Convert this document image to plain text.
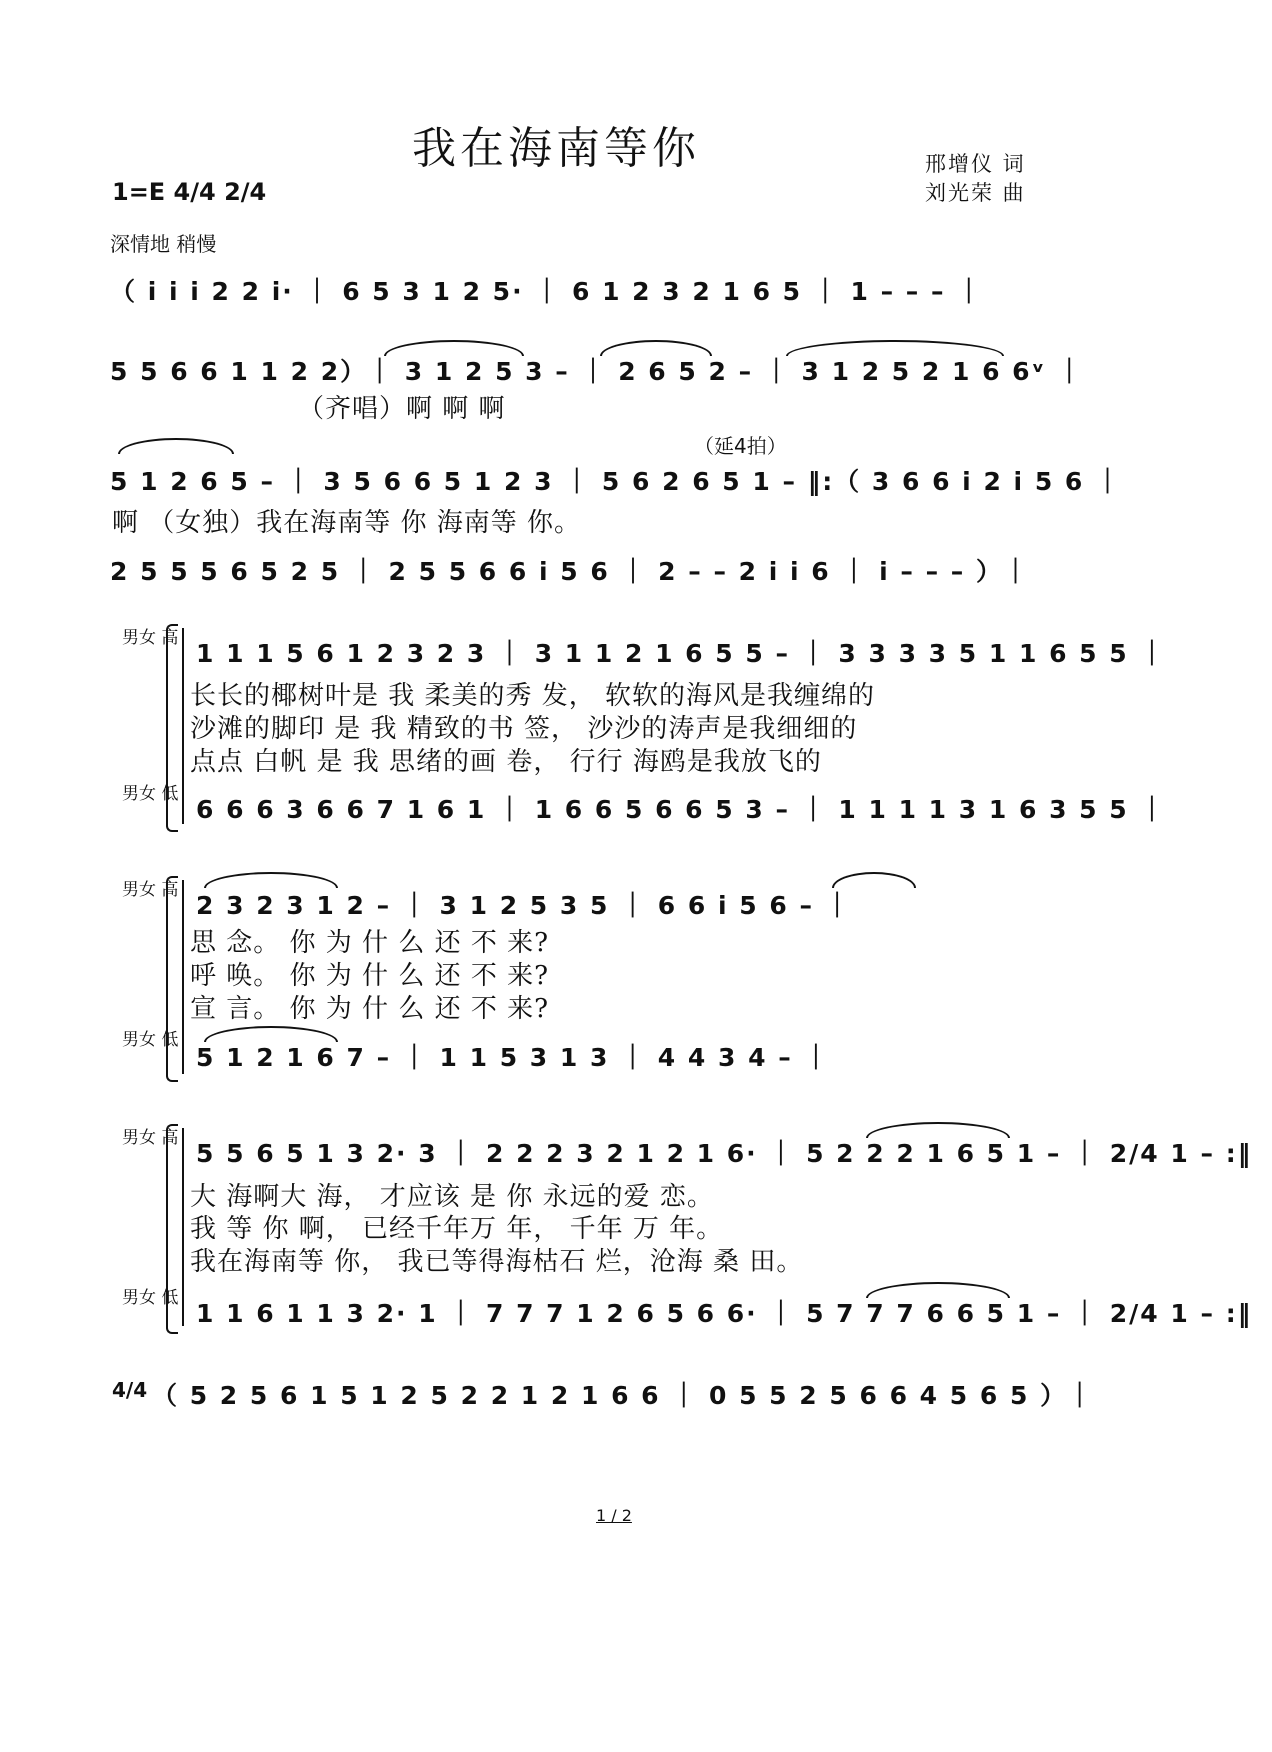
我在海南等你	邢增仪 词
刘光荣 曲
1=E 4/4 2/4
深情地 稍慢
（ i i i 2 2 i· ｜ 6 5 3 1 2 5· ｜ 6 1 2 3 2 1 6 5 ｜ 1 – – – ｜
5 5 6 6 1 1 2 2）｜ 3 1 2 5 3 – ｜ 2 6 5 2 – ｜ 3 1 2 5 2 1 6 6ᵛ ｜
（齐唱）啊 啊 啊
（延4拍）
5 1 2 6 5 – ｜ 3 5 6 6 5 1 2 3 ｜ 5 6 2 6 5 1 – ‖:（ 3 6 6 i 2 i 5 6 ｜
啊 （女独）我在海南等 你 海南等 你。
2 5 5 5 6 5 2 5 ｜ 2 5 5 6 6 i 5 6 ｜ 2 – – 2 i i 6 ｜ i – – – ）｜
男女 高
1 1 1 5 6 1 2 3 2 3 ｜ 3 1 1 2 1 6 5 5 – ｜ 3 3 3 3 5 1 1 6 5 5 ｜
长长的椰树叶是 我 柔美的秀 发， 软软的海风是我缠绵的
沙滩的脚印 是 我 精致的书 签， 沙沙的涛声是我细细的
点点 白帆 是 我 思绪的画 卷， 行行 海鸥是我放飞的
男女 低
6 6 6 3 6 6 7 1 6 1 ｜ 1 6 6 5 6 6 5 3 – ｜ 1 1 1 1 3 1 6 3 5 5 ｜
男女 高
2 3 2 3 1 2 – ｜ 3 1 2 5 3 5 ｜ 6 6 i 5 6 – ｜
思 念。 你 为 什 么 还 不 来?
呼 唤。 你 为 什 么 还 不 来?
宣 言。 你 为 什 么 还 不 来?
男女 低
5 1 2 1 6 7 – ｜ 1 1 5 3 1 3 ｜ 4 4 3 4 – ｜
男女 高
5 5 6 5 1 3 2· 3 ｜ 2 2 2 3 2 1 2 1 6· ｜ 5 2 2 2 1 6 5 1 – ｜ 2/4 1 – :‖
大 海啊大 海， 才应该 是 你 永远的爱 恋。
我 等 你 啊， 已经千年万 年， 千年 万 年。
我在海南等 你， 我已等得海枯石 烂，沧海 桑 田。
男女 低
1 1 6 1 1 3 2· 1 ｜ 7 7 7 1 2 6 5 6 6· ｜ 5 7 7 7 6 6 5 1 – ｜ 2/4 1 – :‖
4/4 （ 5 2 5 6 1 5 1 2 5 2 2 1 2 1 6 6 ｜ 0 5 5 2 5 6 6 4 5 6 5 ）｜
1 / 2
